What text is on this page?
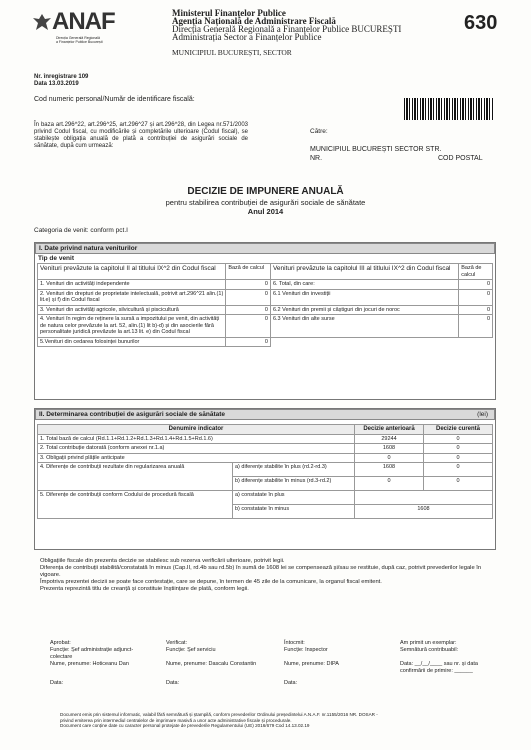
ANAF
Direcția Generală Regională
a Finanțelor Publice București
Ministerul Finanțelor Publice
Agenția Națională de Administrare Fiscală
Direcția Generală Regională a Finanțelor Publice BUCUREȘTI
Administrația Sector a Finanțelor Publice
630
MUNICIPIUL BUCUREȘTI, SECTOR
Nr. înregistrare 109
Data 13.03.2019
Cod numeric personal/Număr de identificare fiscală:
În baza art.296^22, art.296^25, art.296^27 și art.296^28, din Legea nr.571/2003 privind Codul fiscal, cu modificările și completările ulterioare (Codul fiscal), se stabilește obligația anuală de plată a contribuției de asigurări sociale de sănătate, după cum urmează:
Către:
MUNICIPIUL BUCUREȘTI SECTOR STR.
NR.	COD POSTAL
DECIZIE DE IMPUNERE ANUALĂ
pentru stabilirea contribuției de asigurări sociale de sănătate
Anul 2014
Categoria de venit: conform pct.I
I. Date privind natura veniturilor
Tip de venit
Venituri prevăzute la capitolul II al titlului IX^2 din Codul fiscal	Bază de calcul	Venituri prevăzute la capitolul III al titlului IX^2 din Codul fiscal	Bază de calcul
1. Venituri din activități independente	0	6. Total, din care:	0
2. Venituri din drepturi de proprietate intelectuală, potrivit art.296^21 alin.(1) lit.e) și f) din Codul fiscal	0	6.1 Venituri din investiții	0
3. Venituri din activități agricole, silvicultură și piscicultură	0	6.2 Venituri din premii și câștiguri din jocuri de noroc	0
4. Venituri în regim de reținere la sursă a impozitului pe venit, din activități de natura celor prevăzute la art. 52, alin.(1) lit b)-d) și din asocierile fără personalitate juridică prevăzute la art.13 lit. e) din Codul fiscal	0	6.3 Venituri din alte surse	0
5.Venituri din cedarea folosinței bunurilor	0		
II. Determinarea contribuției de asigurări sociale de sănătate	(lei)
Denumire indicator		Decizie anterioară	Decizie curentă
1. Total bază de calcul (Rd.1.1+Rd.1.2+Rd.1.3+Rd.1.4+Rd.1.5+Rd.1.6)		29244	0
2. Total contribuție datorată (conform anexei nr.1.a)		1608	0
3. Obligații privind plățile anticipate		0	0
4. Diferențe de contribuții rezultate din regularizarea anuală	a) diferențe stabilite în plus (rd.2-rd.3)	1608	0
	b) diferențe stabilite în minus (rd.3-rd.2)	0	0
5. Diferențe de contribuții conform Codului de procedură fiscală	a) constatate în plus		
	b) constatate în minus	1608	
Obligațiile fiscale din prezenta decizie se stabilesc sub rezerva verificării ulterioare, potrivit legii.
Diferența de contribuții stabilită/constatată în minus (Cap.II, rd.4b sau rd.5b) în sumă de 1608 lei se compensează și/sau se restituie, după caz, potrivit prevederilor legale în vigoare.
Împotriva prezentei decizii se poate face contestație, care se depune, în termen de 45 zile de la comunicare, la organul fiscal emitent.
Prezenta reprezintă titlu de creanță și constituie înștiințare de plată, conform legii.
Aprobat:
Funcție: Șef administrație adjunct-colectare
Nume, prenume: Hoticeanu Dan
Data:
Verificat:
Funcție: Șef serviciu
Nume, prenume: Dascalu Constantin
Data:
Întocmit:
Funcție: Inspector
Nume, prenume: DIPA
Data:
Am primit un exemplar:
Semnătură contribuabil:
Data: __/__/____ sau nr. și data confirmării de primire: ______
Document emis prin sistemul informatic, valabil fără semnătură și ștampilă, conform prevederilor Ordinului președintelui A.N.A.F. nr.1155/2016 NR. DOSAR -
privind emiterea prin intermediul centralelor de imprimare masivă a unor acte administrative fiscale și procedurale.
Document care conține date cu caracter personal protejate de prevederile Regulamentului (UE) 2016/679 Cod 14.13.02.19
